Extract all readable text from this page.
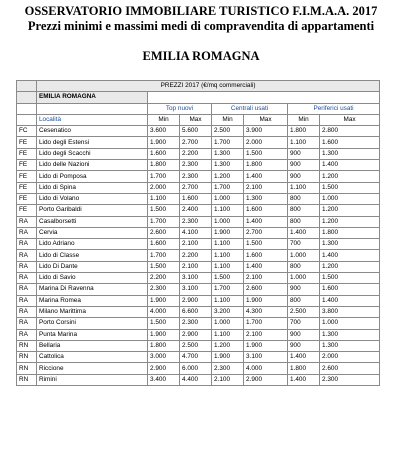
OSSERVATORIO IMMOBILIARE TURISTICO F.I.M.A.A. 2017
Prezzi minimi e massimi medi di compravendita di appartamenti
EMILIA ROMAGNA
	PREZZI 2017 (€/mq commerciali)						
	EMILIA ROMAGNA						
		Top nuovi		Centrali usati		Periferici usati	
	Località	Min	Max	Min	Max	Min	Max
FC	Cesenatico	3.600	5.600	2.500	3.900	1.800	2.800
FE	Lido degli Estensi	1.900	2.700	1.700	2.000	1.100	1.600
FE	Lido degli Scacchi	1.600	2.200	1.300	1.500	900	1.300
FE	Lido delle Nazioni	1.800	2.300	1.300	1.800	900	1.400
FE	Lido di Pomposa	1.700	2.300	1.200	1.400	900	1.200
FE	Lido di Spina	2.000	2.700	1.700	2.100	1.100	1.500
FE	Lido di Volano	1.100	1.600	1.000	1.300	800	1.000
FE	Porto Garibaldi	1.500	2.400	1.100	1.600	800	1.200
RA	Casalborsetti	1.700	2.300	1.000	1.400	800	1.200
RA	Cervia	2.600	4.100	1.900	2.700	1.400	1.800
RA	Lido Adriano	1.600	2.100	1.100	1.500	700	1.300
RA	Lido di Classe	1.700	2.200	1.100	1.600	1.000	1.400
RA	Lido Di Dante	1.500	2.100	1.100	1.400	800	1.200
RA	Lido di Savio	2.200	3.100	1.500	2.100	1.000	1.500
RA	Marina Di Ravenna	2.300	3.100	1.700	2.600	900	1.600
RA	Marina Romea	1.900	2.900	1.100	1.900	800	1.400
RA	Milano Marittima	4.000	6.600	3.200	4.300	2.500	3.800
RA	Porto Corsini	1.500	2.300	1.000	1.700	700	1.000
RA	Punta Marina	1.900	2.900	1.100	2.100	900	1.300
RN	Bellaria	1.800	2.500	1.200	1.900	900	1.300
RN	Cattolica	3.000	4.700	1.900	3.100	1.400	2.000
RN	Riccione	2.900	6.000	2.300	4.000	1.800	2.600
RN	Rimini	3.400	4.400	2.100	2.900	1.400	2.300
